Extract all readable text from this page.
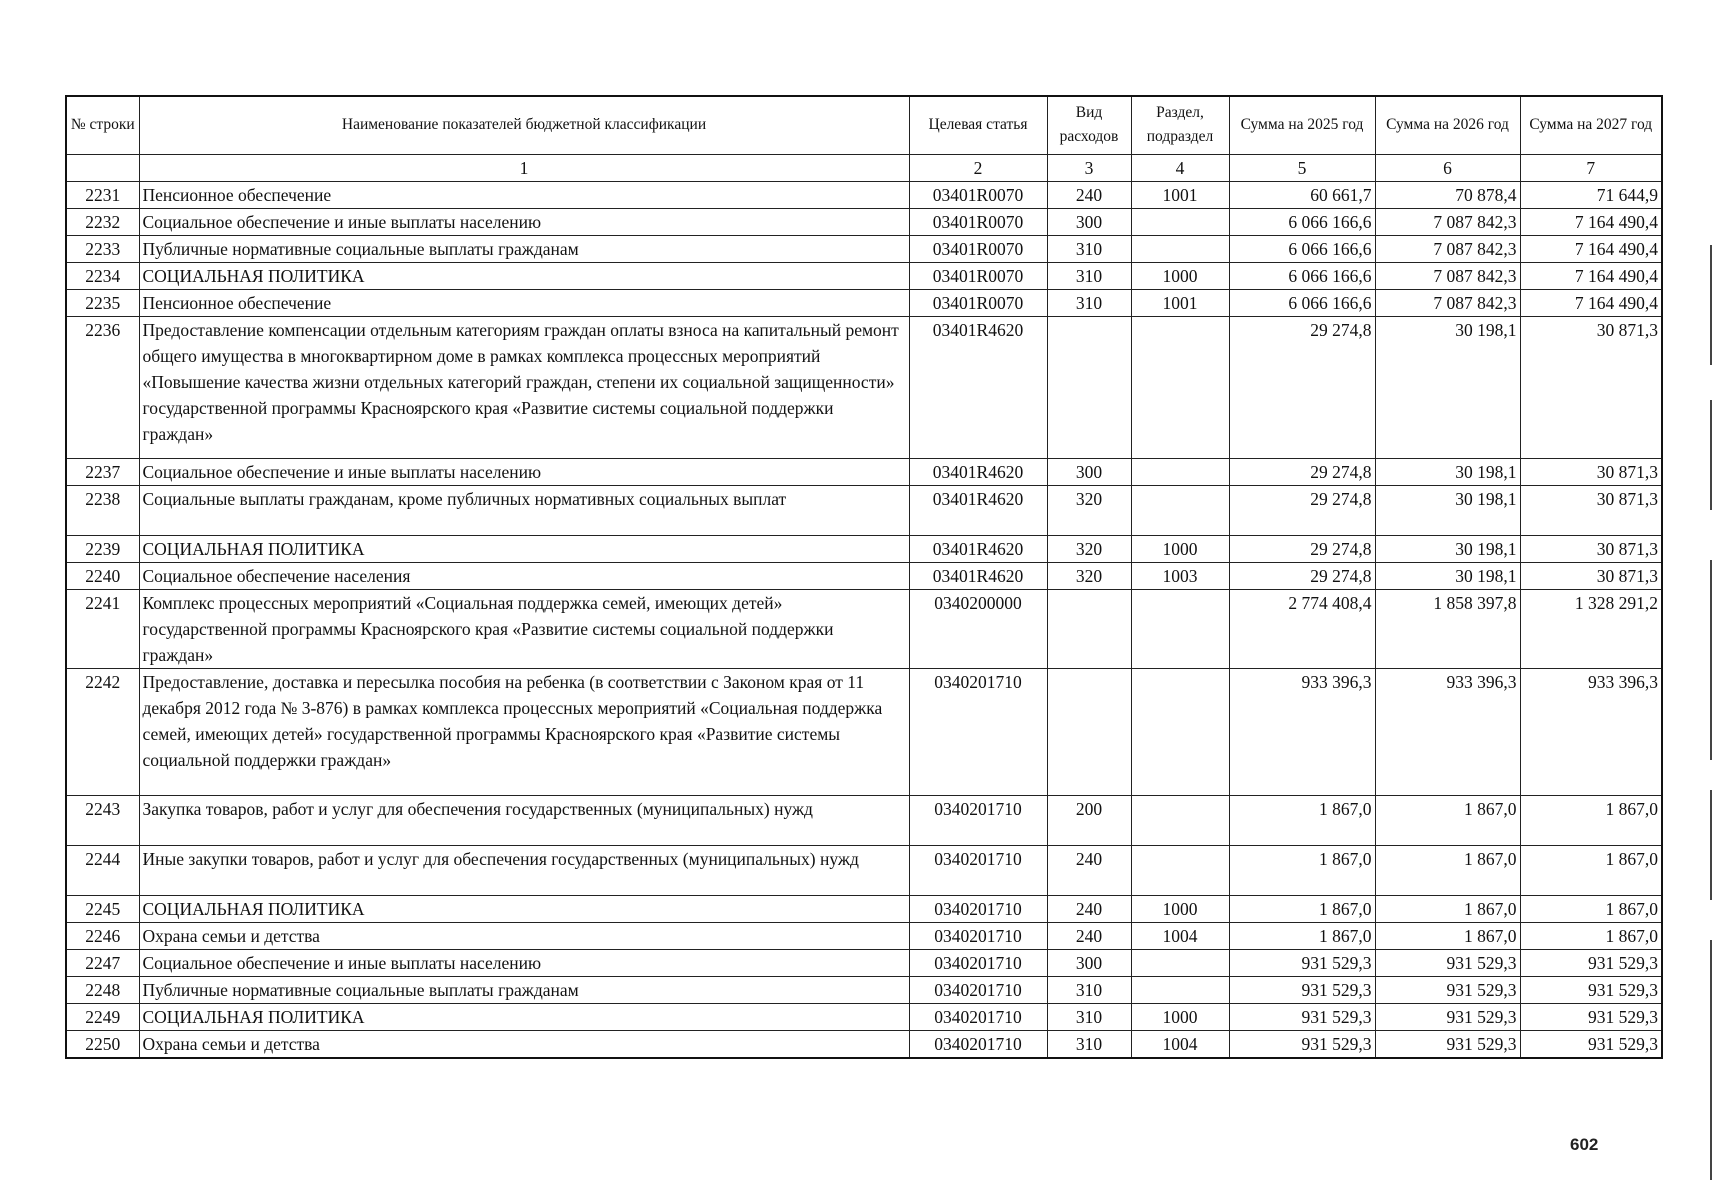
№ строки	Наименование показателей бюджетной классификации	Целевая статья	Вид расходов	Раздел, подраздел	Сумма на 2025 год	Сумма на 2026 год	Сумма на 2027 год
	1	2	3	4	5	6	7
2231	Пенсионное обеспечение	03401R0070	240	1001	60 661,7	70 878,4	71 644,9
2232	Социальное обеспечение и иные выплаты населению	03401R0070	300		6 066 166,6	7 087 842,3	7 164 490,4
2233	Публичные нормативные социальные выплаты гражданам	03401R0070	310		6 066 166,6	7 087 842,3	7 164 490,4
2234	СОЦИАЛЬНАЯ ПОЛИТИКА	03401R0070	310	1000	6 066 166,6	7 087 842,3	7 164 490,4
2235	Пенсионное обеспечение	03401R0070	310	1001	6 066 166,6	7 087 842,3	7 164 490,4
2236	Предоставление компенсации отдельным категориям граждан оплаты взноса на капитальный ремонт общего имущества в многоквартирном доме в рамках комплекса процессных мероприятий «Повышение качества жизни отдельных категорий граждан, степени их социальной защищенности» государственной программы Красноярского края «Развитие системы социальной поддержки граждан»	03401R4620			29 274,8	30 198,1	30 871,3
2237	Социальное обеспечение и иные выплаты населению	03401R4620	300		29 274,8	30 198,1	30 871,3
2238	Социальные выплаты гражданам, кроме публичных нормативных социальных выплат	03401R4620	320		29 274,8	30 198,1	30 871,3
2239	СОЦИАЛЬНАЯ ПОЛИТИКА	03401R4620	320	1000	29 274,8	30 198,1	30 871,3
2240	Социальное обеспечение населения	03401R4620	320	1003	29 274,8	30 198,1	30 871,3
2241	Комплекс процессных мероприятий «Социальная поддержка семей, имеющих детей» государственной программы Красноярского края «Развитие системы социальной поддержки граждан»	0340200000			2 774 408,4	1 858 397,8	1 328 291,2
2242	Предоставление, доставка и пересылка пособия на ребенка (в соответствии с Законом края от 11 декабря 2012 года № 3-876) в рамках комплекса процессных мероприятий «Социальная поддержка семей, имеющих детей» государственной программы Красноярского края «Развитие системы социальной поддержки граждан»	0340201710			933 396,3	933 396,3	933 396,3
2243	Закупка товаров, работ и услуг для обеспечения государственных (муниципальных) нужд	0340201710	200		1 867,0	1 867,0	1 867,0
2244	Иные закупки товаров, работ и услуг для обеспечения государственных (муниципальных) нужд	0340201710	240		1 867,0	1 867,0	1 867,0
2245	СОЦИАЛЬНАЯ ПОЛИТИКА	0340201710	240	1000	1 867,0	1 867,0	1 867,0
2246	Охрана семьи и детства	0340201710	240	1004	1 867,0	1 867,0	1 867,0
2247	Социальное обеспечение и иные выплаты населению	0340201710	300		931 529,3	931 529,3	931 529,3
2248	Публичные нормативные социальные выплаты гражданам	0340201710	310		931 529,3	931 529,3	931 529,3
2249	СОЦИАЛЬНАЯ ПОЛИТИКА	0340201710	310	1000	931 529,3	931 529,3	931 529,3
2250	Охрана семьи и детства	0340201710	310	1004	931 529,3	931 529,3	931 529,3
602
